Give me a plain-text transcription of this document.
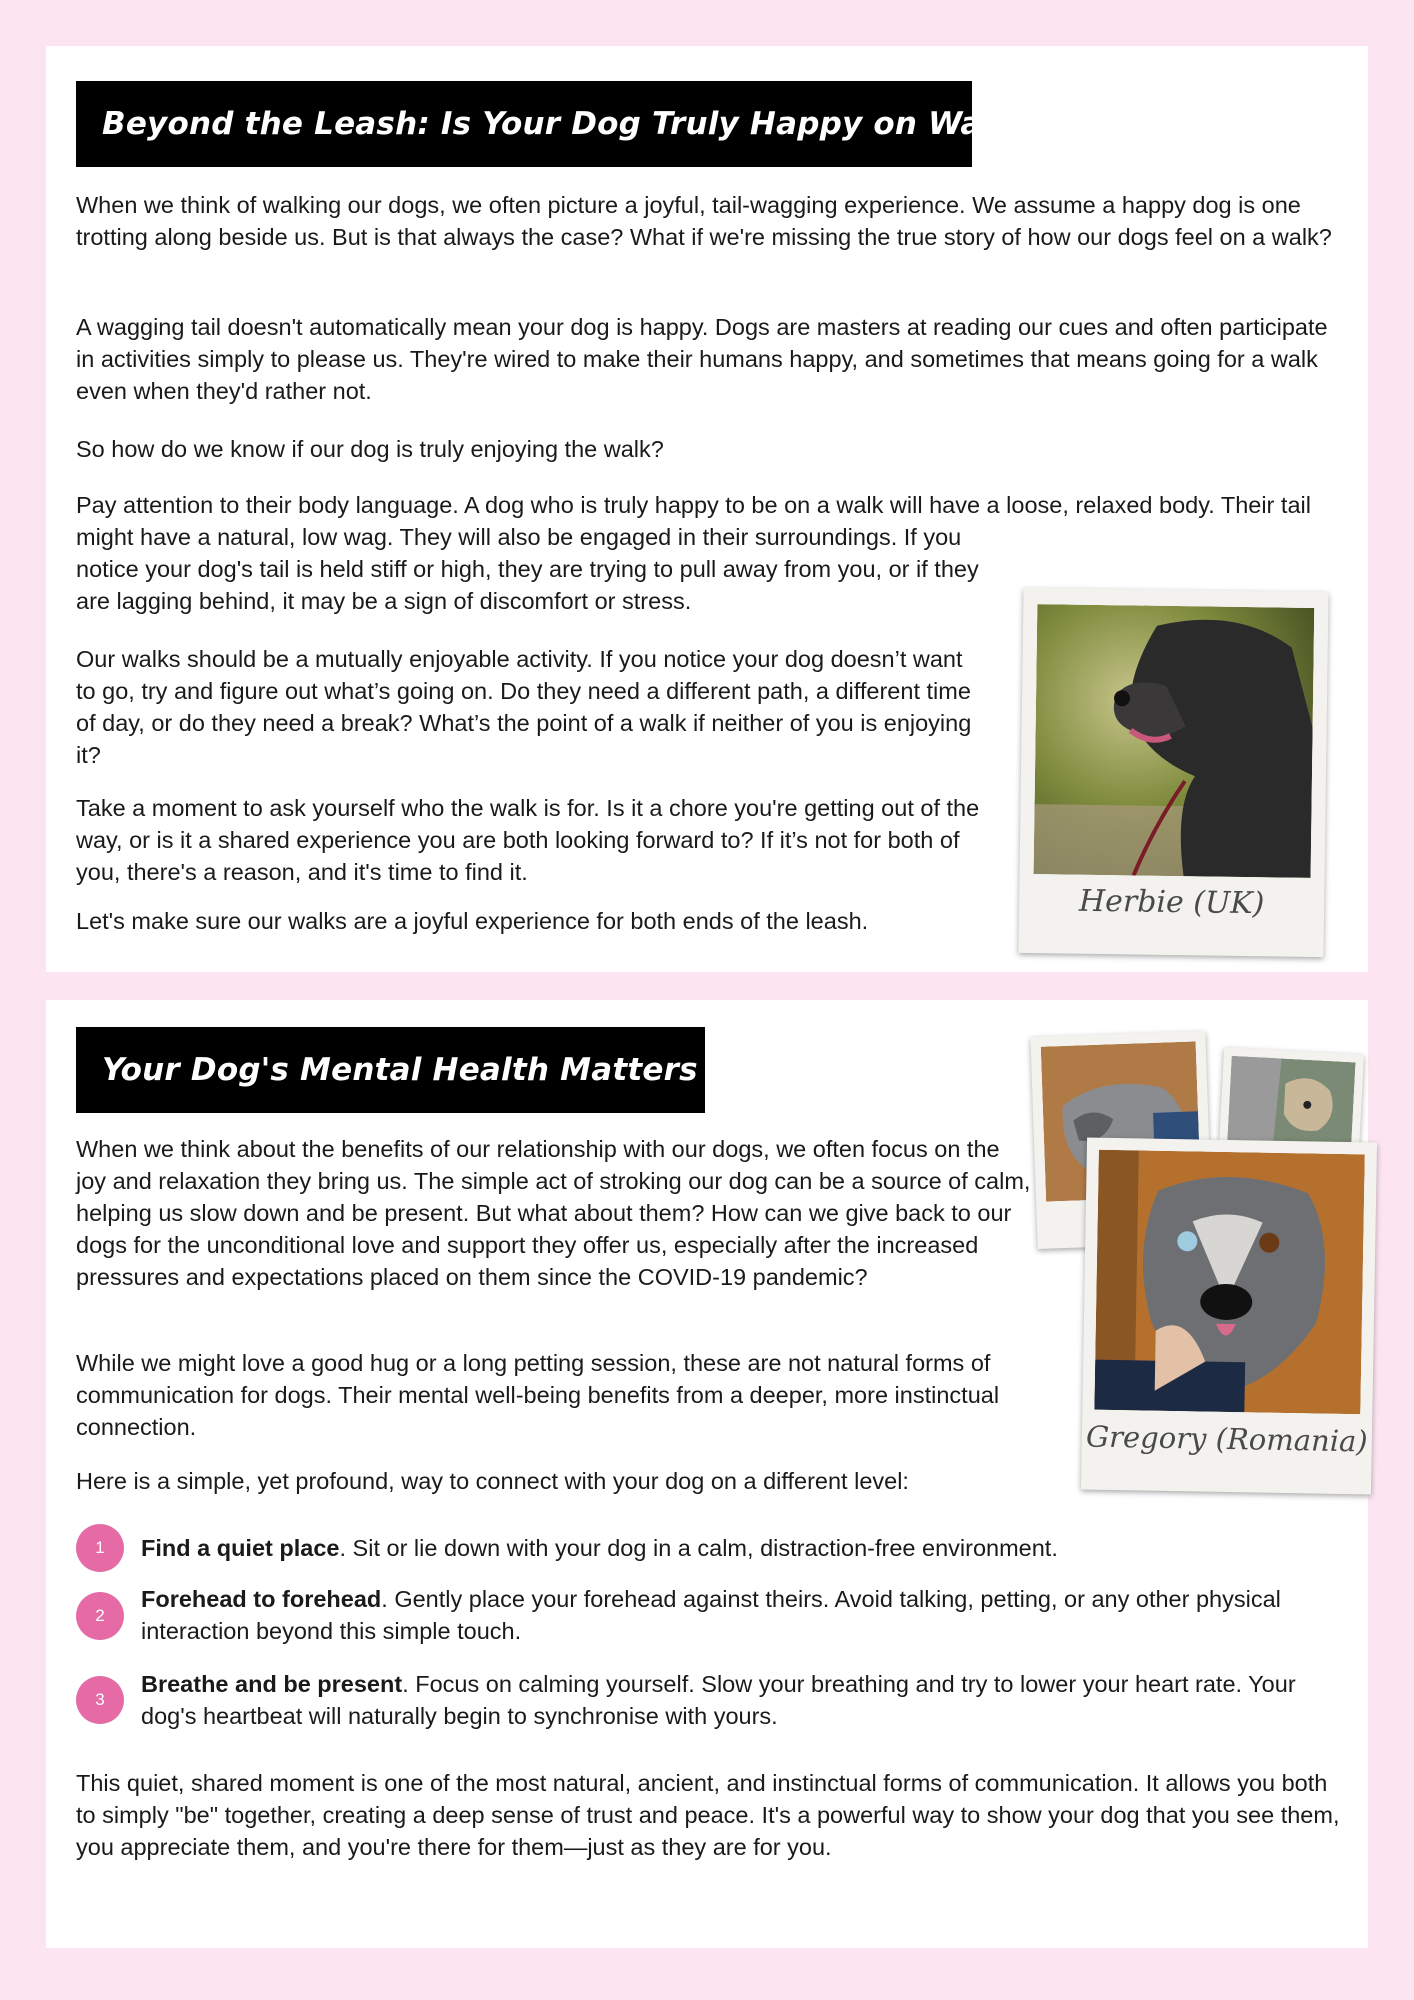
Beyond the Leash: Is Your Dog Truly Happy on Walks?

When we think of walking our dogs, we often picture a joyful, tail-wagging experience. We assume a happy dog is one trotting along beside us. But is that always the case? What if we're missing the true story of how our dogs feel on a walk?

A wagging tail doesn't automatically mean your dog is happy. Dogs are masters at reading our cues and often participate in activities simply to please us. They're wired to make their humans happy, and sometimes that means going for a walk even when they'd rather not.

So how do we know if our dog is truly enjoying the walk?

Pay attention to their body language. A dog who is truly happy to be on a walk will have a loose, relaxed body. Their tail might have a natural, low wag. They will also be engaged in their surroundings. If you

notice your dog's tail is held stiff or high, they are trying to pull away from you, or if they are lagging behind, it may be a sign of discomfort or stress.

Our walks should be a mutually enjoyable activity. If you notice your dog doesn’t want to go, try and figure out what’s going on. Do they need a different path, a different time of day, or do they need a break? What’s the point of a walk if neither of you is enjoying it?

Take a moment to ask yourself who the walk is for. Is it a chore you're getting out of the way, or is it a shared experience you are both looking forward to? If it’s not for both of you, there's a reason, and it's time to find it.

Let's make sure our walks are a joyful experience for both ends of the leash.	Herbie (UK)
Your Dog's Mental Health Matters Too

When we think about the benefits of our relationship with our dogs, we often focus on the joy and relaxation they bring us. The simple act of stroking our dog can be a source of calm, helping us slow down and be present. But what about them? How can we give back to our dogs for the unconditional love and support they offer us, especially after the increased pressures and expectations placed on them since the COVID-19 pandemic?

While we might love a good hug or a long petting session, these are not natural forms of communication for dogs. Their mental well-being benefits from a deeper, more instinctual connection.

Here is a simple, yet profound, way to connect with your dog on a different level:

1	Find a quiet place. Sit or lie down with your dog in a calm, distraction-free environment.

2

Forehead to forehead. Gently place your forehead against theirs. Avoid talking, petting, or any other physical interaction beyond this simple touch.

3

Breathe and be present. Focus on calming yourself. Slow your breathing and try to lower your heart rate. Your dog's heartbeat will naturally begin to synchronise with yours.

This quiet, shared moment is one of the most natural, ancient, and instinctual forms of communication. It allows you both to simply "be" together, creating a deep sense of trust and peace. It's a powerful way to show your dog that you see them, you appreciate them, and you're there for them—just as they are for you.

Gregory (Romania)
